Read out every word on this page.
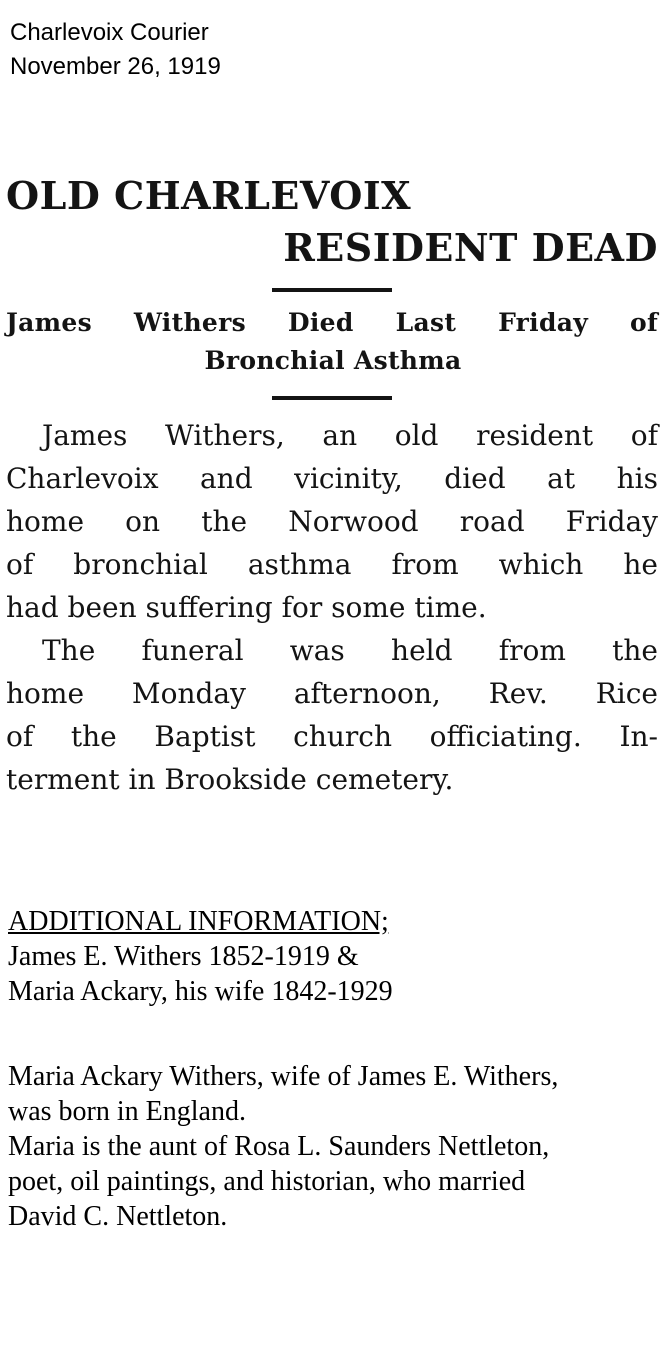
Charlevoix Courier
November 26, 1919
OLD CHARLEVOIX
RESIDENT DEAD
James Withers Died Last Friday of
Bronchial Asthma
James Withers, an old resident of
Charlevoix and vicinity, died at his
home on the Norwood road Friday
of bronchial asthma from which he
had been suffering for some time.
The funeral was held from the
home Monday afternoon, Rev. Rice
of the Baptist church officiating. In-
terment in Brookside cemetery.
ADDITIONAL INFORMATION;
James E. Withers 1852-1919 &
Maria Ackary, his wife 1842-1929
Maria Ackary Withers, wife of James E. Withers,
was born in England.
Maria is the aunt of Rosa L. Saunders Nettleton,
poet, oil paintings, and historian, who married
David C. Nettleton.
